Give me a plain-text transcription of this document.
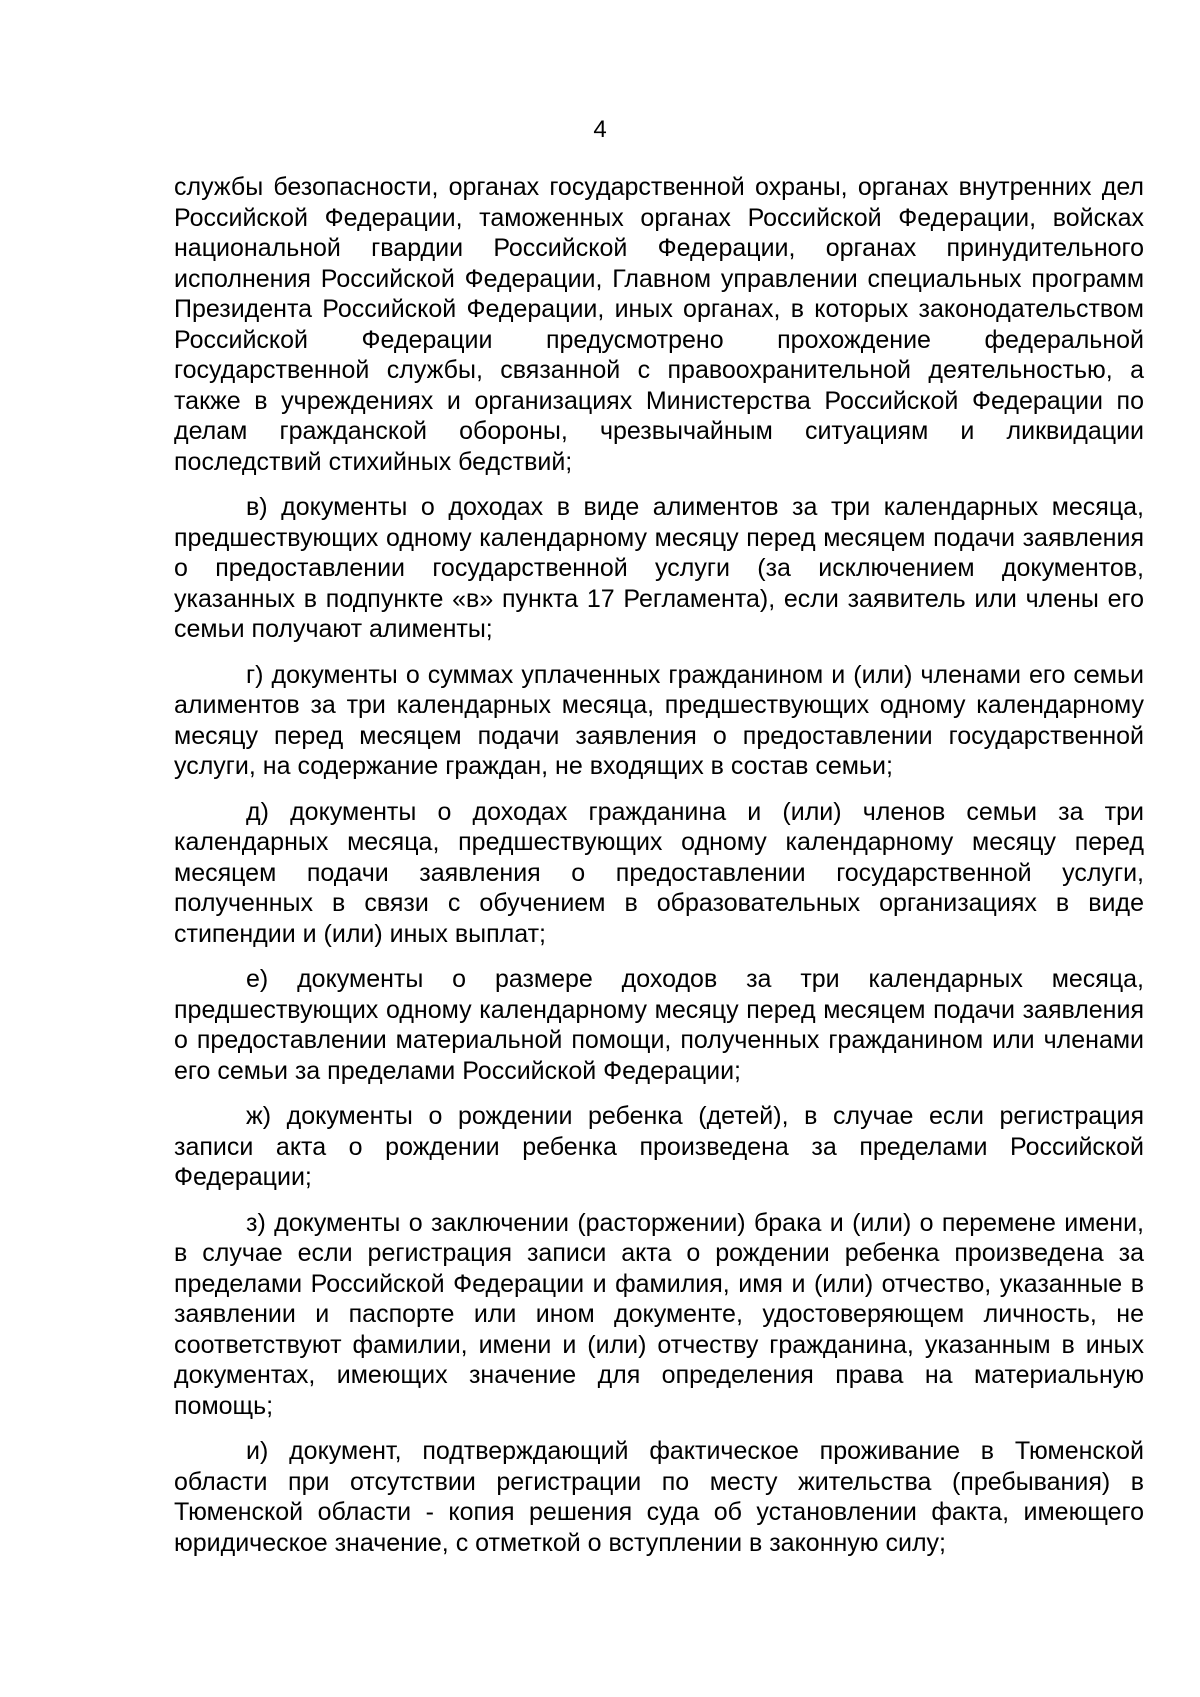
4

службы безопасности, органах государственной охраны, органах внутренних дел Российской Федерации, таможенных органах Российской Федерации, войсках национальной гвардии Российской Федерации, органах принудительного исполнения Российской Федерации, Главном управлении специальных программ Президента Российской Федерации, иных органах, в которых законодательством Российской Федерации предусмотрено прохождение федеральной государственной службы, связанной с правоохранительной деятельностью, а также в учреждениях и организациях Министерства Российской Федерации по делам гражданской обороны, чрезвычайным ситуациям и ликвидации последствий стихийных бедствий;

в) документы о доходах в виде алиментов за три календарных месяца, предшествующих одному календарному месяцу перед месяцем подачи заявления о предоставлении государственной услуги (за исключением документов, указанных в подпункте «в» пункта 17 Регламента), если заявитель или члены его семьи получают алименты;

г) документы о суммах уплаченных гражданином и (или) членами его семьи алиментов за три календарных месяца, предшествующих одному календарному месяцу перед месяцем подачи заявления о предоставлении государственной услуги, на содержание граждан, не входящих в состав семьи;

д) документы о доходах гражданина и (или) членов семьи за три календарных месяца, предшествующих одному календарному месяцу перед месяцем подачи заявления о предоставлении государственной услуги, полученных в связи с обучением в образовательных организациях в виде стипендии и (или) иных выплат;

е) документы о размере доходов за три календарных месяца, предшествующих одному календарному месяцу перед месяцем подачи заявления о предоставлении материальной помощи, полученных гражданином или членами его семьи за пределами Российской Федерации;

ж) документы о рождении ребенка (детей), в случае если регистрация записи акта о рождении ребенка произведена за пределами Российской Федерации;

з) документы о заключении (расторжении) брака и (или) о перемене имени, в случае если регистрация записи акта о рождении ребенка произведена за пределами Российской Федерации и фамилия, имя и (или) отчество, указанные в заявлении и паспорте или ином документе, удостоверяющем личность, не соответствуют фамилии, имени и (или) отчеству гражданина, указанным в иных документах, имеющих значение для определения права на материальную помощь;

и) документ, подтверждающий фактическое проживание в Тюменской области при отсутствии регистрации по месту жительства (пребывания) в Тюменской области - копия решения суда об установлении факта, имеющего юридическое значение, с отметкой о вступлении в законную силу;
